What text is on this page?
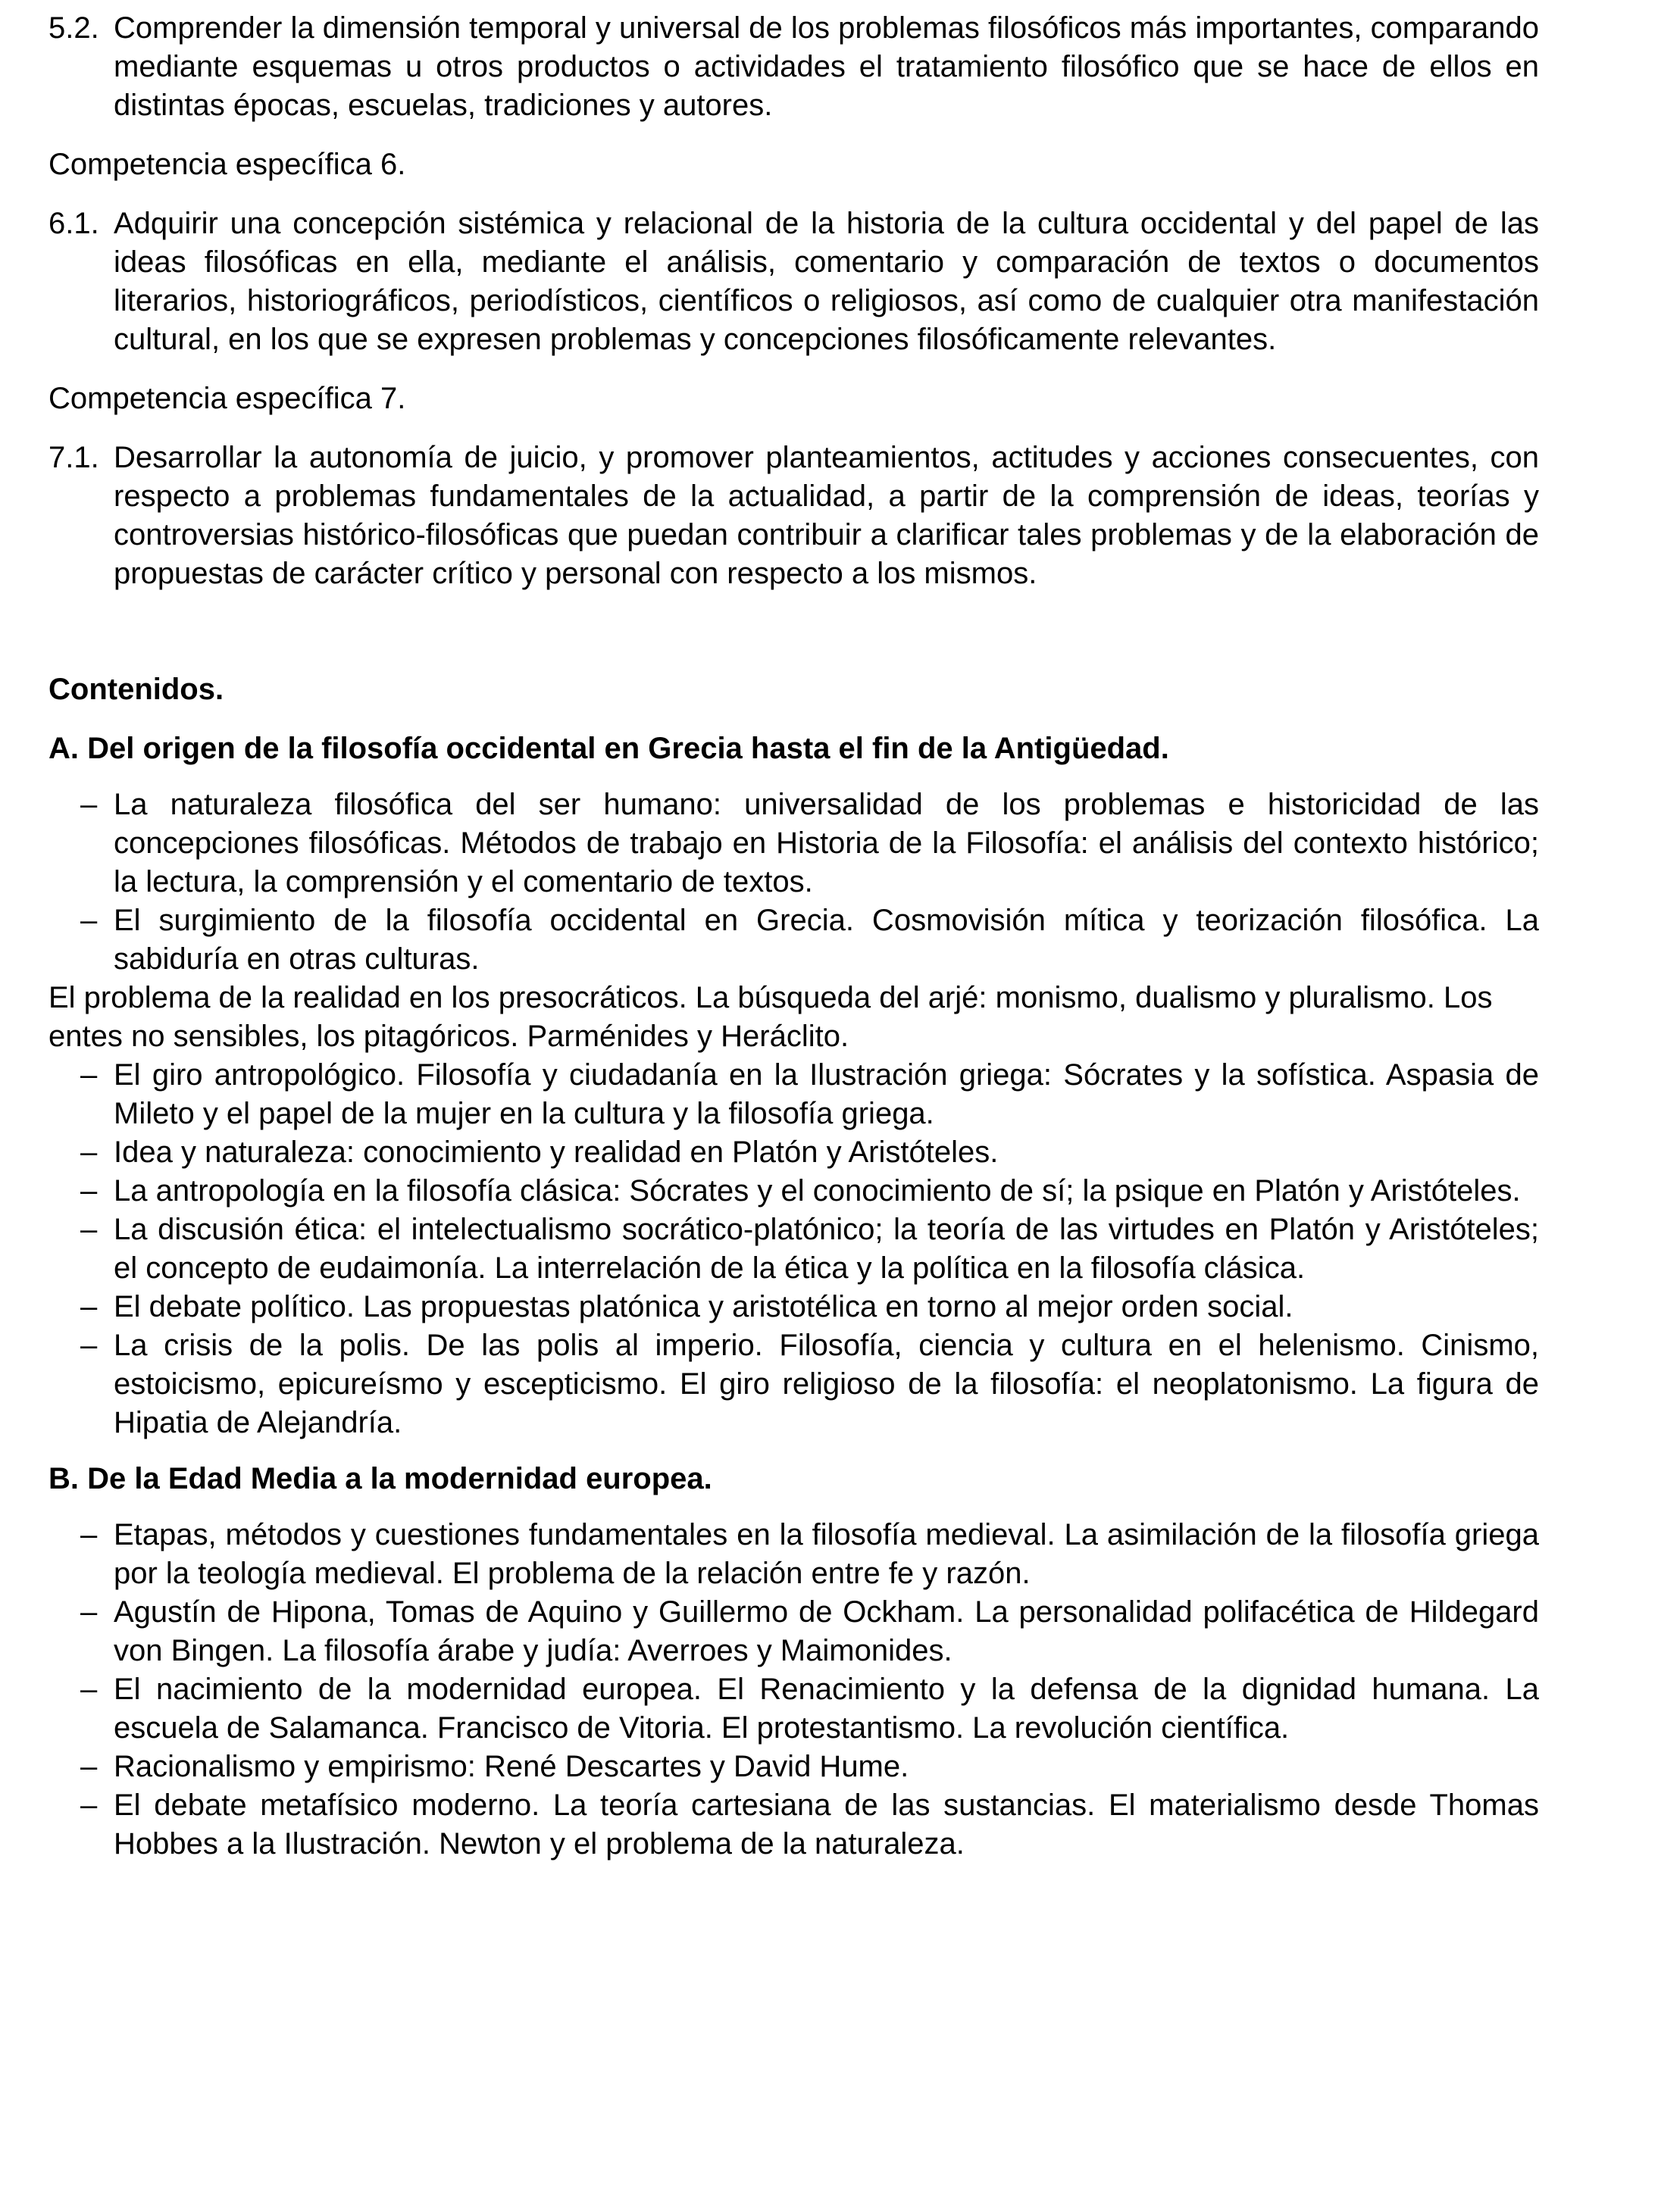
5.2. Comprender la dimensión temporal y universal de los problemas filosóficos más importantes, comparando mediante esquemas u otros productos o actividades el tratamiento filosófico que se hace de ellos en distintas épocas, escuelas, tradiciones y autores.
Competencia específica 6.
6.1. Adquirir una concepción sistémica y relacional de la historia de la cultura occidental y del papel de las ideas filosóficas en ella, mediante el análisis, comentario y comparación de textos o documentos literarios, historiográficos, periodísticos, científicos o religiosos, así como de cualquier otra manifestación cultural, en los que se expresen problemas y concepciones filosóficamente relevantes.
Competencia específica 7.
7.1. Desarrollar la autonomía de juicio, y promover planteamientos, actitudes y acciones consecuentes, con respecto a problemas fundamentales de la actualidad, a partir de la comprensión de ideas, teorías y controversias histórico-filosóficas que puedan contribuir a clarificar tales problemas y de la elaboración de propuestas de carácter crítico y personal con respecto a los mismos.
Contenidos.
A. Del origen de la filosofía occidental en Grecia hasta el fin de la Antigüedad.
– La naturaleza filosófica del ser humano: universalidad de los problemas e historicidad de las concepciones filosóficas. Métodos de trabajo en Historia de la Filosofía: el análisis del contexto histórico; la lectura, la comprensión y el comentario de textos.
– El surgimiento de la filosofía occidental en Grecia. Cosmovisión mítica y teorización filosófica. La sabiduría en otras culturas.
El problema de la realidad en los presocráticos. La búsqueda del arjé: monismo, dualismo y pluralismo. Los entes no sensibles, los pitagóricos. Parménides y Heráclito.
– El giro antropológico. Filosofía y ciudadanía en la Ilustración griega: Sócrates y la sofística. Aspasia de Mileto y el papel de la mujer en la cultura y la filosofía griega.
– Idea y naturaleza: conocimiento y realidad en Platón y Aristóteles.
– La antropología en la filosofía clásica: Sócrates y el conocimiento de sí; la psique en Platón y Aristóteles.
– La discusión ética: el intelectualismo socrático-platónico; la teoría de las virtudes en Platón y Aristóteles; el concepto de eudaimonía. La interrelación de la ética y la política en la filosofía clásica.
– El debate político. Las propuestas platónica y aristotélica en torno al mejor orden social.
– La crisis de la polis. De las polis al imperio. Filosofía, ciencia y cultura en el helenismo. Cinismo, estoicismo, epicureísmo y escepticismo. El giro religioso de la filosofía: el neoplatonismo. La figura de Hipatia de Alejandría.
B. De la Edad Media a la modernidad europea.
– Etapas, métodos y cuestiones fundamentales en la filosofía medieval. La asimilación de la filosofía griega por la teología medieval. El problema de la relación entre fe y razón.
– Agustín de Hipona, Tomas de Aquino y Guillermo de Ockham. La personalidad polifacética de Hildegard von Bingen. La filosofía árabe y judía: Averroes y Maimonides.
– El nacimiento de la modernidad europea. El Renacimiento y la defensa de la dignidad humana. La escuela de Salamanca. Francisco de Vitoria. El protestantismo. La revolución científica.
– Racionalismo y empirismo: René Descartes y David Hume.
– El debate metafísico moderno. La teoría cartesiana de las sustancias. El materialismo desde Thomas Hobbes a la Ilustración. Newton y el problema de la naturaleza.
